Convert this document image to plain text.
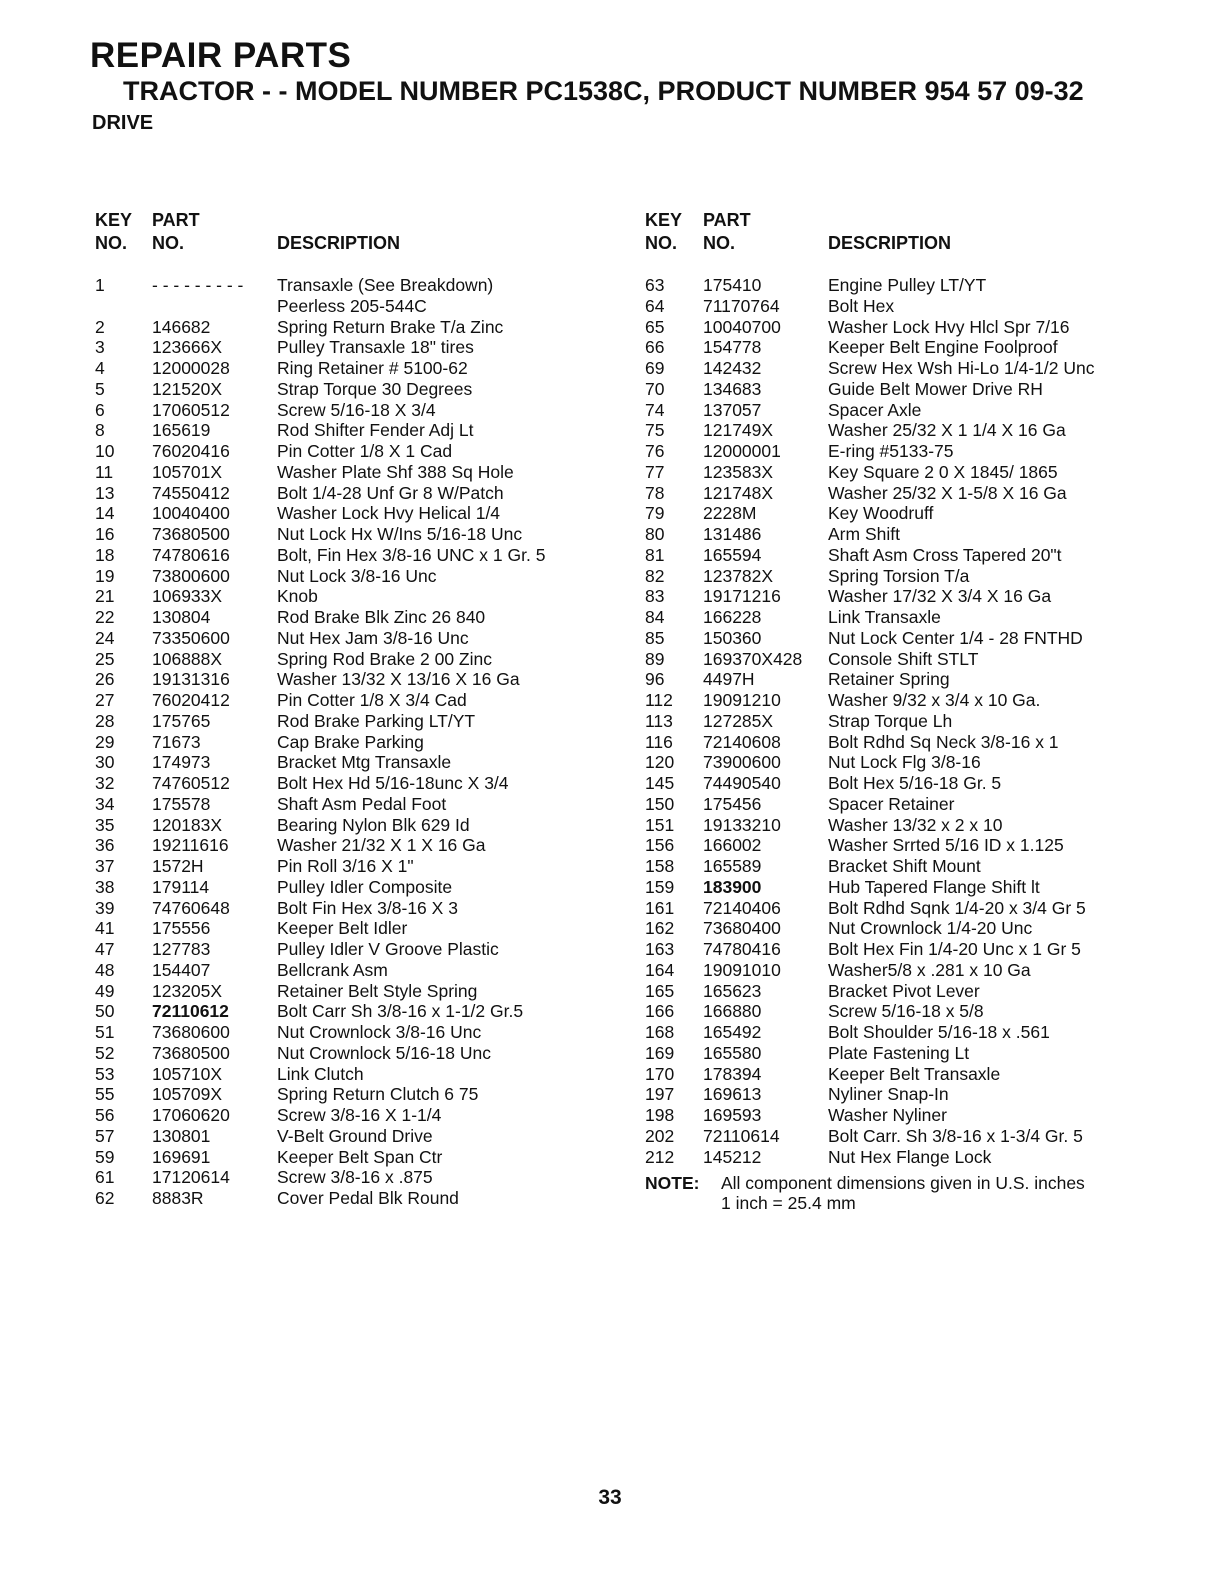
REPAIR PARTS
TRACTOR - - MODEL NUMBER PC1538C, PRODUCT NUMBER 954 57 09-32
DRIVE
KEY
NO.
PART
NO.	DESCRIPTION
1	- - - - - - - - - Transaxle (See Breakdown)
Peerless 205-544C
2	146682	Spring Return Brake T/a Zinc
3	123666X	Pulley Transaxle 18" tires
4	12000028	Ring Retainer # 5100-62
5	121520X	Strap Torque 30 Degrees
6	17060512	Screw 5/16-18 X 3/4
8	165619	Rod Shifter Fender Adj Lt
10 76020416	Pin Cotter 1/8 X 1 Cad
11 105701X	Washer Plate Shf 388 Sq Hole
13 74550412	Bolt 1/4-28 Unf Gr 8 W/Patch
14 10040400	Washer Lock Hvy Helical 1/4
16 73680500	Nut Lock Hx W/Ins 5/16-18 Unc
18 74780616	Bolt, Fin Hex 3/8-16 UNC x 1 Gr. 5
19 73800600	Nut Lock 3/8-16 Unc
21 106933X	Knob
22 130804	Rod Brake Blk Zinc 26 840
24 73350600	Nut Hex Jam 3/8-16 Unc
25 106888X	Spring Rod Brake 2 00 Zinc
26 19131316	Washer 13/32 X 13/16 X 16 Ga
27 76020412	Pin Cotter 1/8 X 3/4 Cad
28 175765	Rod Brake Parking LT/YT
29 71673	Cap Brake Parking
30 174973	Bracket Mtg Transaxle
32 74760512	Bolt Hex Hd 5/16-18unc X 3/4
34 175578	Shaft Asm Pedal Foot
35 120183X	Bearing Nylon Blk 629 Id
36 19211616	Washer 21/32 X 1 X 16 Ga
37 1572H	Pin Roll 3/16 X 1"
38 179114	Pulley Idler Composite
39 74760648	Bolt Fin Hex 3/8-16 X 3
41 175556	Keeper Belt Idler
47 127783	Pulley Idler V Groove Plastic
48 154407	Bellcrank Asm
49 123205X	Retainer Belt Style Spring
50 72110612	Bolt Carr Sh 3/8-16 x 1-1/2 Gr.5
51 73680600	Nut Crownlock 3/8-16 Unc
52 73680500	Nut Crownlock 5/16-18 Unc
53 105710X	Link Clutch
55 105709X	Spring Return Clutch 6 75
56 17060620	Screw 3/8-16 X 1-1/4
57 130801	V-Belt Ground Drive
59 169691	Keeper Belt Span Ctr
61 17120614	Screw 3/8-16 x .875
62 8883R	Cover Pedal Blk Round
KEY
NO.
PART
NO.	DESCRIPTION
63 175410	Engine Pulley LT/YT
64 71170764	Bolt Hex
65 10040700	Washer Lock Hvy Hlcl Spr 7/16
66 154778	Keeper Belt Engine Foolproof
69 142432	Screw Hex Wsh Hi-Lo 1/4-1/2 Unc
70 134683	Guide Belt Mower Drive RH
74 137057	Spacer Axle
75 121749X	Washer 25/32 X 1 1/4 X 16 Ga
76 12000001	E-ring #5133-75
77 123583X	Key Square 2 0 X 1845/ 1865
78 121748X	Washer 25/32 X 1-5/8 X 16 Ga
79 2228M	Key Woodruff
80 131486	Arm Shift
81 165594	Shaft Asm Cross Tapered 20"t
82 123782X	Spring Torsion T/a
83 19171216	Washer 17/32 X 3/4 X 16 Ga
84 166228	Link Transaxle
85 150360	Nut Lock Center 1/4 - 28 FNTHD
89 169370X428 Console Shift STLT
96 4497H	Retainer Spring
112 19091210	Washer 9/32 x 3/4 x 10 Ga.
113 127285X	Strap Torque Lh
116 72140608	Bolt Rdhd Sq Neck 3/8-16 x 1
120 73900600	Nut Lock Flg 3/8-16
145 74490540	Bolt Hex 5/16-18 Gr. 5
150 175456	Spacer Retainer
151 19133210	Washer 13/32 x 2 x 10
156 166002	Washer Srrted 5/16 ID x 1.125
158 165589	Bracket Shift Mount
159 183900	Hub Tapered Flange Shift lt
161 72140406	Bolt Rdhd Sqnk 1/4-20 x 3/4 Gr 5
162 73680400	Nut Crownlock 1/4-20 Unc
163 74780416	Bolt Hex Fin 1/4-20 Unc x 1 Gr 5
164 19091010	Washer5/8 x .281 x 10 Ga
165 165623	Bracket Pivot Lever
166 166880	Screw 5/16-18 x 5/8
168 165492	Bolt Shoulder 5/16-18 x .561
169 165580	Plate Fastening Lt
170 178394	Keeper Belt Transaxle
197 169613	Nyliner Snap-In
198 169593	Washer Nyliner
202 72110614	Bolt Carr. Sh 3/8-16 x 1-3/4 Gr. 5
212 145212	Nut Hex Flange Lock
NOTE: All component dimensions given in U.S. inches
1 inch = 25.4 mm
33
